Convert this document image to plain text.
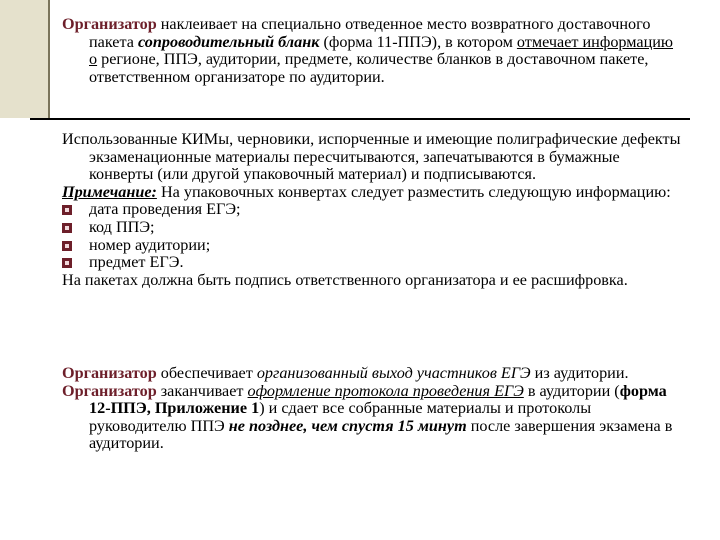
Организатор наклеивает на специально отведенное место возвратного доставочного пакета сопроводительный бланк (форма 11-ППЭ), в котором отмечает информацию о регионе, ППЭ, аудитории, предмете, количестве бланков в доставочном пакете, ответственном организаторе по аудитории.

Использованные КИМы, черновики, испорченные и имеющие полиграфические дефекты экзаменационные материалы пересчитываются, запечатываются в бумажные конверты (или другой упаковочный материал) и подписываются.

Примечание: На упаковочных конвертах следует разместить следующую информацию:

дата проведения ЕГЭ;
код ППЭ;
номер аудитории;
предмет ЕГЭ.

На пакетах должна быть подпись ответственного организатора и ее расшифровка.

Организатор обеспечивает организованный выход участников ЕГЭ из аудитории.

Организатор заканчивает оформление протокола проведения ЕГЭ в аудитории (форма 12-ППЭ, Приложение 1) и сдает все собранные материалы и протоколы руководителю ППЭ не позднее, чем спустя 15 минут после завершения экзамена в аудитории.
